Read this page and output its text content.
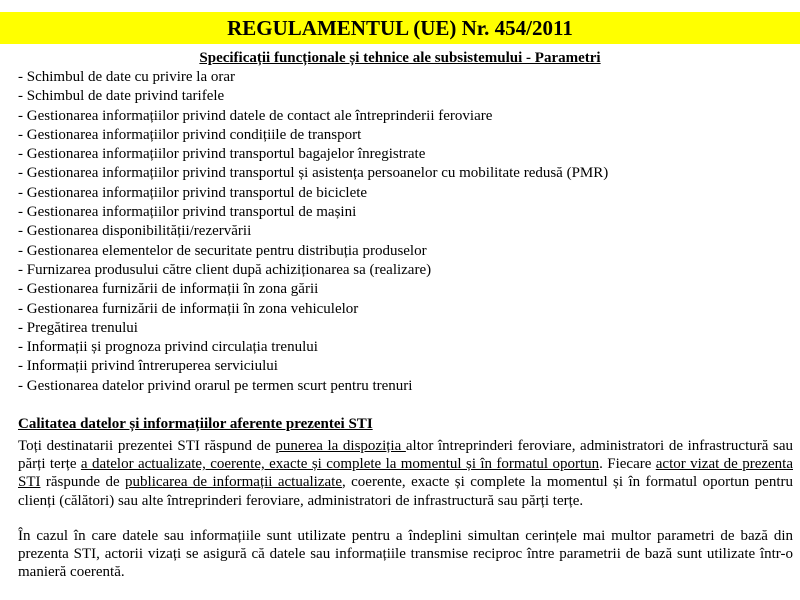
REGULAMENTUL (UE) Nr. 454/2011
Specificații funcționale și tehnice ale subsistemului - Parametri
- Schimbul de date cu privire la orar
- Schimbul de date privind tarifele
- Gestionarea informațiilor privind datele de contact ale întreprinderii feroviare
- Gestionarea informațiilor privind condițiile de transport
- Gestionarea informațiilor privind transportul bagajelor înregistrate
- Gestionarea informațiilor privind transportul și asistența persoanelor cu mobilitate redusă (PMR)
- Gestionarea informațiilor privind transportul de biciclete
- Gestionarea informațiilor privind transportul de mașini
- Gestionarea disponibilității/rezervării
- Gestionarea elementelor de securitate pentru distribuția produselor
- Furnizarea produsului către client după achiziționarea sa (realizare)
- Gestionarea furnizării de informații în zona gării
- Gestionarea furnizării de informații în zona vehiculelor
- Pregătirea trenului
- Informații și prognoza privind circulația trenului
- Informații privind întreruperea serviciului
- Gestionarea datelor privind orarul pe termen scurt pentru trenuri
Calitatea datelor și informațiilor aferente prezentei STI

Toți destinatarii prezentei STI răspund de punerea la dispoziția altor întreprinderi feroviare, administratori de infrastructură sau părți terțe a datelor actualizate, coerente, exacte și complete la momentul și în formatul oportun. Fiecare actor vizat de prezenta STI răspunde de publicarea de informații actualizate, coerente, exacte și complete la momentul și în formatul oportun pentru clienți (călători) sau alte întreprinderi feroviare, administratori de infrastructură sau părți terțe.

În cazul în care datele sau informațiile sunt utilizate pentru a îndeplini simultan cerințele mai multor parametri de bază din prezenta STI, actorii vizați se asigură că datele sau informațiile transmise reciproc între parametrii de bază sunt utilizate într-o manieră coerentă.
